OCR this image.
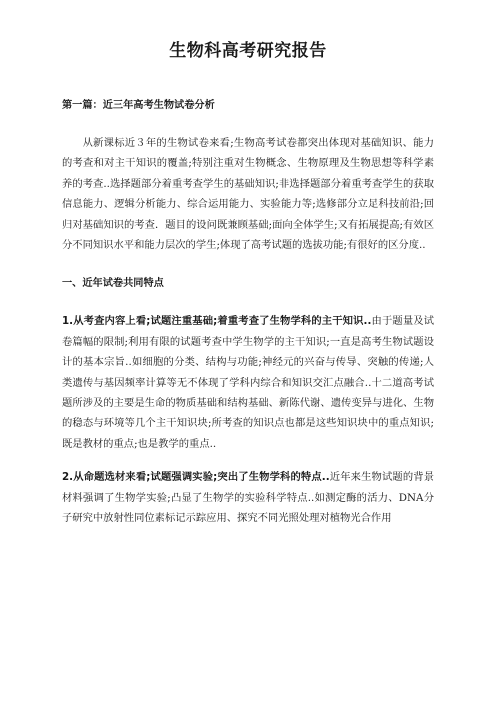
生物科高考研究报告
第一篇：近三年高考生物试卷分析

从新课标近３年的生物试卷来看;生物高考试卷都突出体现对基础知识、能力的考查和对主干知识的覆盖;特别注重对生物概念、生物原理及生物思想等科学素养的考查..选择题部分着重考查学生的基础知识;非选择题部分着重考查学生的获取信息能力、逻辑分析能力、综合运用能力、实验能力等;选修部分立足科技前沿;回归对基础知识的考查．题目的设问既兼顾基础;面向全体学生;又有拓展提高;有效区分不同知识水平和能力层次的学生;体现了高考试题的选拔功能;有很好的区分度..

一、近年试卷共同特点

1.从考查内容上看;试题注重基础;着重考查了生物学科的主干知识..由于题量及试卷篇幅的限制;利用有限的试题考查中学生物学的主干知识;一直是高考生物试题设计的基本宗旨..如细胞的分类、结构与功能;神经元的兴奋与传导、突触的传递;人类遗传与基因频率计算等无不体现了学科内综合和知识交汇点融合..十二道高考试题所涉及的主要是生命的物质基础和结构基础、新陈代谢、遗传变异与进化、生物的稳态与环境等几个主干知识块;所考查的知识点也都是这些知识块中的重点知识;既是教材的重点;也是教学的重点..

2.从命题选材来看;试题强调实验;突出了生物学科的特点..近年来生物试题的背景材料强调了生物学实验;凸显了生物学的实验科学特点..如测定酶的活力、DNA分子研究中放射性同位素标记示踪应用、探究不同光照处理对植物光合作用
